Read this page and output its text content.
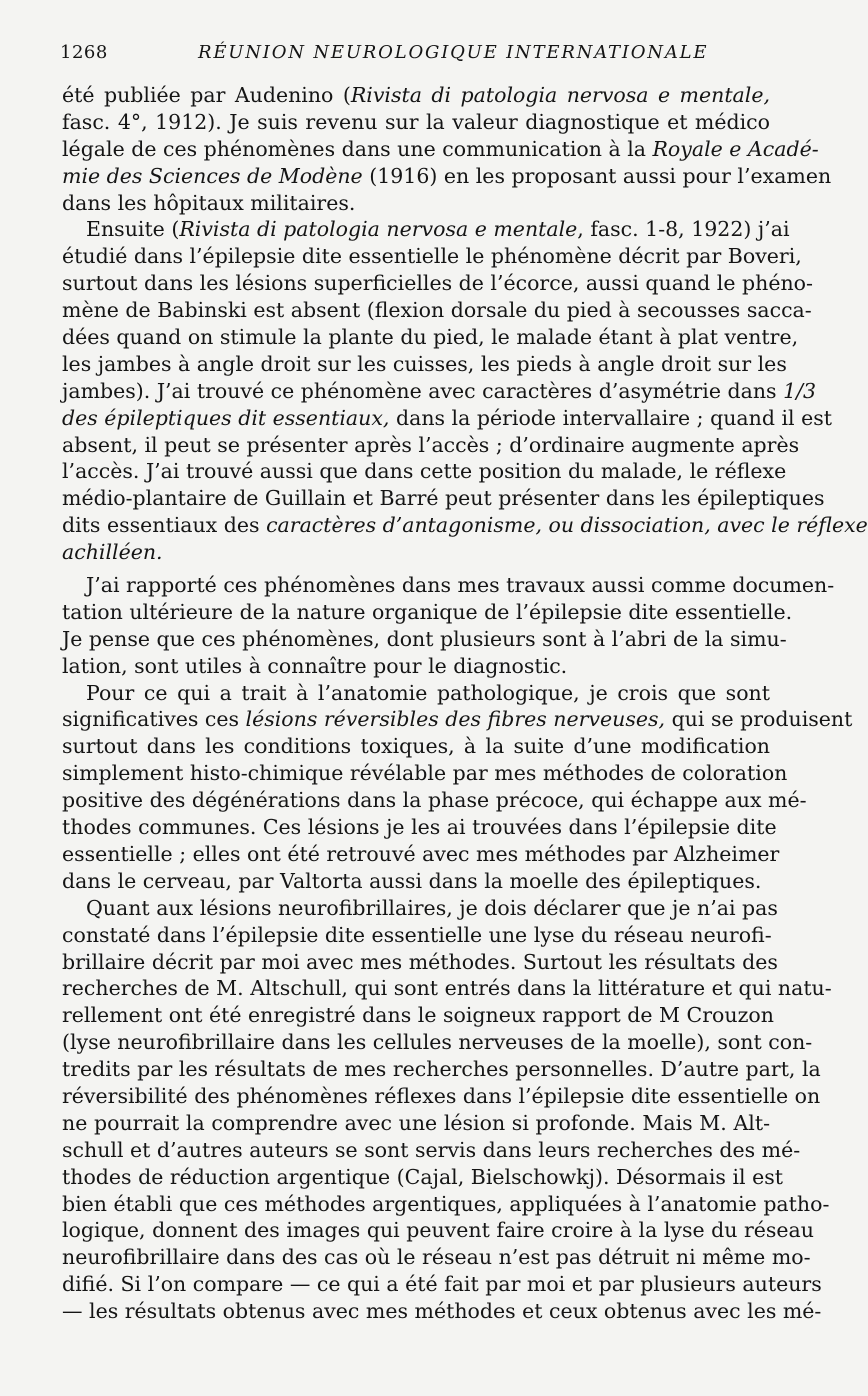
1268	RÉUNION NEUROLOGIQUE INTERNATIONALE
été publiée par Audenino (Rivista di patologia nervosa e mentale,
fasc. 4°, 1912). Je suis revenu sur la valeur diagnostique et médico
légale de ces phénomènes dans une communication à la Royale e Acadé-
mie des Sciences de Modène (1916) en les proposant aussi pour l’examen
dans les hôpitaux militaires.
Ensuite (Rivista di patologia nervosa e mentale, fasc. 1-8, 1922) j’ai
étudié dans l’épilepsie dite essentielle le phénomène décrit par Boveri,
surtout dans les lésions superficielles de l’écorce, aussi quand le phéno-
mène de Babinski est absent (flexion dorsale du pied à secousses sacca-
dées quand on stimule la plante du pied, le malade étant à plat ventre,
les jambes à angle droit sur les cuisses, les pieds à angle droit sur les
jambes). J’ai trouvé ce phénomène avec caractères d’asymétrie dans 1/3
des épileptiques dit essentiaux, dans la période intervallaire ; quand il est
absent, il peut se présenter après l’accès ; d’ordinaire augmente après
l’accès. J’ai trouvé aussi que dans cette position du malade, le réflexe
médio-plantaire de Guillain et Barré peut présenter dans les épileptiques
dits essentiaux des caractères d’antagonisme, ou dissociation, avec le réflexe
achilléen.
J’ai rapporté ces phénomènes dans mes travaux aussi comme documen-
tation ultérieure de la nature organique de l’épilepsie dite essentielle.
Je pense que ces phénomènes, dont plusieurs sont à l’abri de la simu-
lation, sont utiles à connaître pour le diagnostic.
Pour ce qui a trait à l’anatomie pathologique, je crois que sont
significatives ces lésions réversibles des fibres nerveuses, qui se produisent
surtout dans les conditions toxiques, à la suite d’une modification
simplement histo-chimique révélable par mes méthodes de coloration
positive des dégénérations dans la phase précoce, qui échappe aux mé-
thodes communes. Ces lésions je les ai trouvées dans l’épilepsie dite
essentielle ; elles ont été retrouvé avec mes méthodes par Alzheimer
dans le cerveau, par Valtorta aussi dans la moelle des épileptiques.
Quant aux lésions neurofibrillaires, je dois déclarer que je n’ai pas
constaté dans l’épilepsie dite essentielle une lyse du réseau neurofi-
brillaire décrit par moi avec mes méthodes. Surtout les résultats des
recherches de M. Altschull, qui sont entrés dans la littérature et qui natu-
rellement ont été enregistré dans le soigneux rapport de M Crouzon
(lyse neurofibrillaire dans les cellules nerveuses de la moelle), sont con-
tredits par les résultats de mes recherches personnelles. D’autre part, la
réversibilité des phénomènes réflexes dans l’épilepsie dite essentielle on
ne pourrait la comprendre avec une lésion si profonde. Mais M. Alt-
schull et d’autres auteurs se sont servis dans leurs recherches des mé-
thodes de réduction argentique (Cajal, Bielschowkj). Désormais il est
bien établi que ces méthodes argentiques, appliquées à l’anatomie patho-
logique, donnent des images qui peuvent faire croire à la lyse du réseau
neurofibrillaire dans des cas où le réseau n’est pas détruit ni même mo-
difié. Si l’on compare — ce qui a été fait par moi et par plusieurs auteurs
— les résultats obtenus avec mes méthodes et ceux obtenus avec les mé-
